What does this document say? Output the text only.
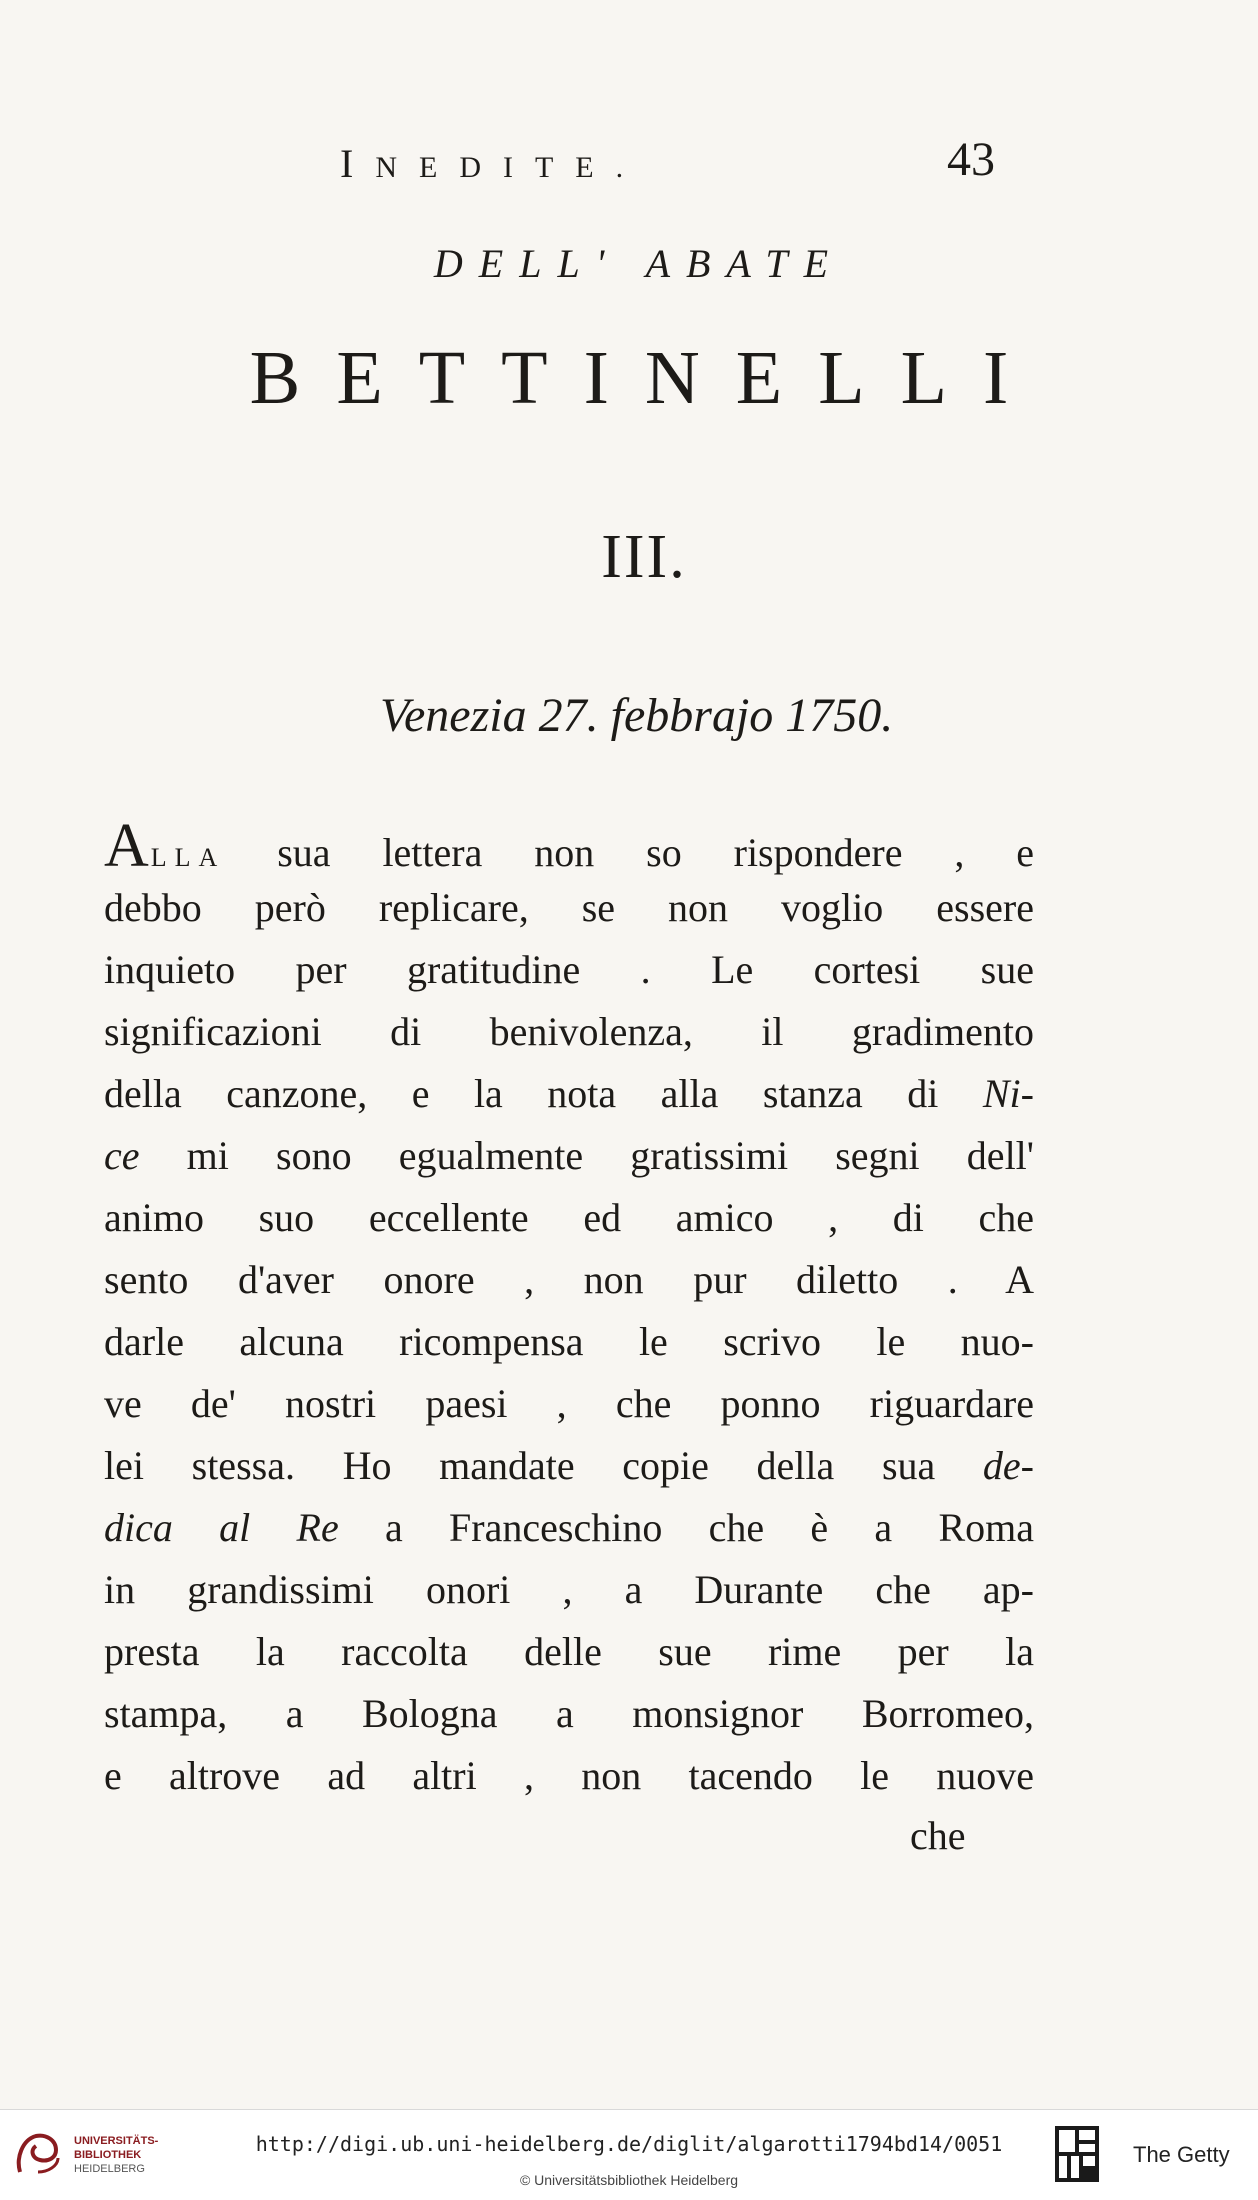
INEDITE.	43
DELL' ABATE
BETTINELLI
III.
Venezia 27. febbrajo 1750.
ALLA sua lettera non so rispondere , e
debbo però replicare, se non voglio essere
inquieto per gratitudine . Le cortesi sue
significazioni di benivolenza, il gradimento
della canzone, e la nota alla stanza di Ni-
ce mi sono egualmente gratissimi segni dell'
animo suo eccellente ed amico , di che
sento d'aver onore , non pur diletto . A
darle alcuna ricompensa le scrivo le nuo-
ve de' nostri paesi , che ponno riguardare
lei stessa. Ho mandate copie della sua de-
dica al Re a Franceschino che è a Roma
in grandissimi onori , a Durante che ap-
presta la raccolta delle sue rime per la
stampa, a Bologna a monsignor Borromeo,
e altrove ad altri , non tacendo le nuove
che
UNIVERSITÄTS-
BIBLIOTHEK
HEIDELBERG
http://digi.ub.uni-heidelberg.de/diglit/algarotti1794bd14/0051
© Universitätsbibliothek Heidelberg
The Getty
